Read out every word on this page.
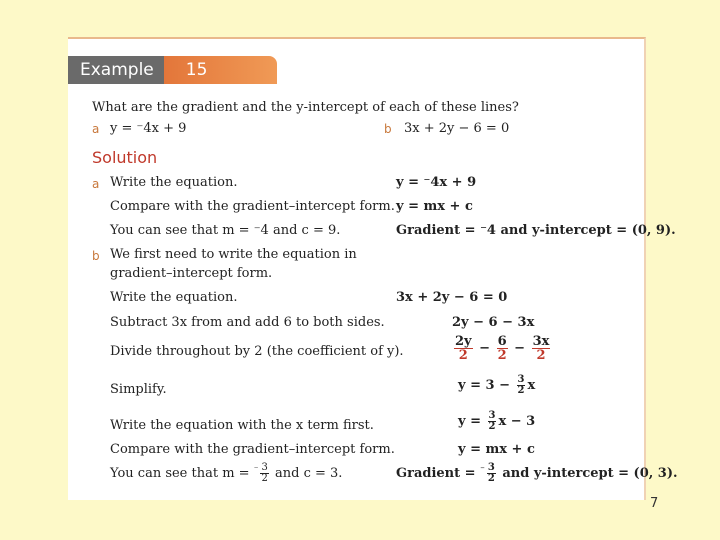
Example	15
What are the gradient and the y-intercept of each of these lines?
a y = ⁻4x + 9	b 3x + 2y − 6 = 0
Solution
a Write the equation.	y = ⁻4x + 9
Compare with the gradient–intercept form. y = mx + c
You can see that m = ⁻4 and c = 9.	Gradient = ⁻4 and y-intercept = (0, 9).
b We first need to write the equation in
gradient–intercept form.
Write the equation.	3x + 2y − 6 = 0
Subtract 3x from and add 6 to both sides.	2y − 6 − 3x
Divide throughout by 2 (the coefficient of y).	$\frac{2y}{2} - \frac{6}{2} - \frac{3x}{2}$
Simplify.	$y = 3 - \frac{3}{2}$ x
Write the equation with the x term first.	$y = \frac{3}{2}$ x − 3
Compare with the gradient–intercept form.	y = mx + c
You can see that $m = ^{^-} \frac{3}{2}$ and c = 3.	Gradient = $^{^-} \frac{3}{2}$ and y-intercept = (0, 3).
7
